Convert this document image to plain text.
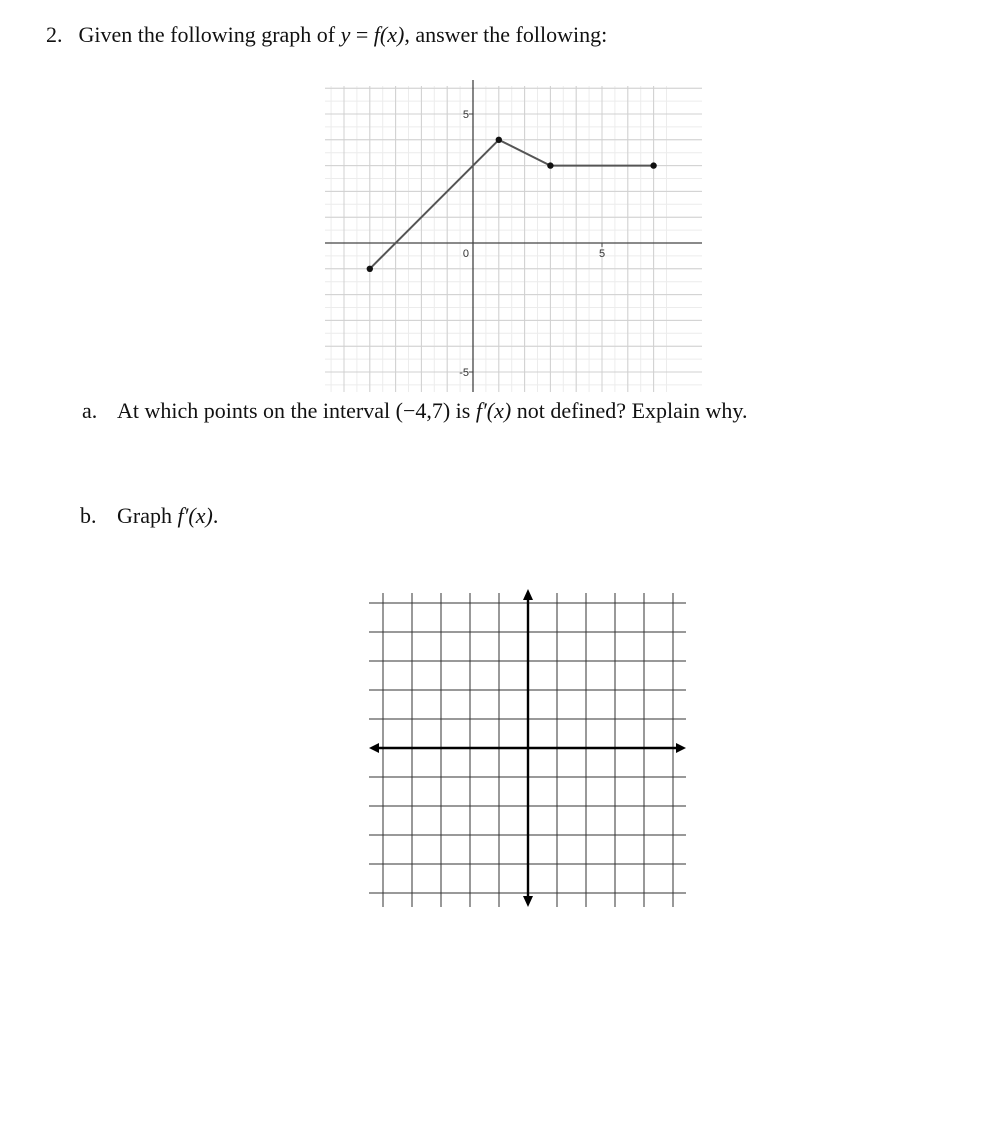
2. Given the following graph of y = f(x), answer the following:
5
-5
0	5
a. At which points on the interval (−4,7) is f′(x) not defined? Explain why.
b. Graph f′(x).
